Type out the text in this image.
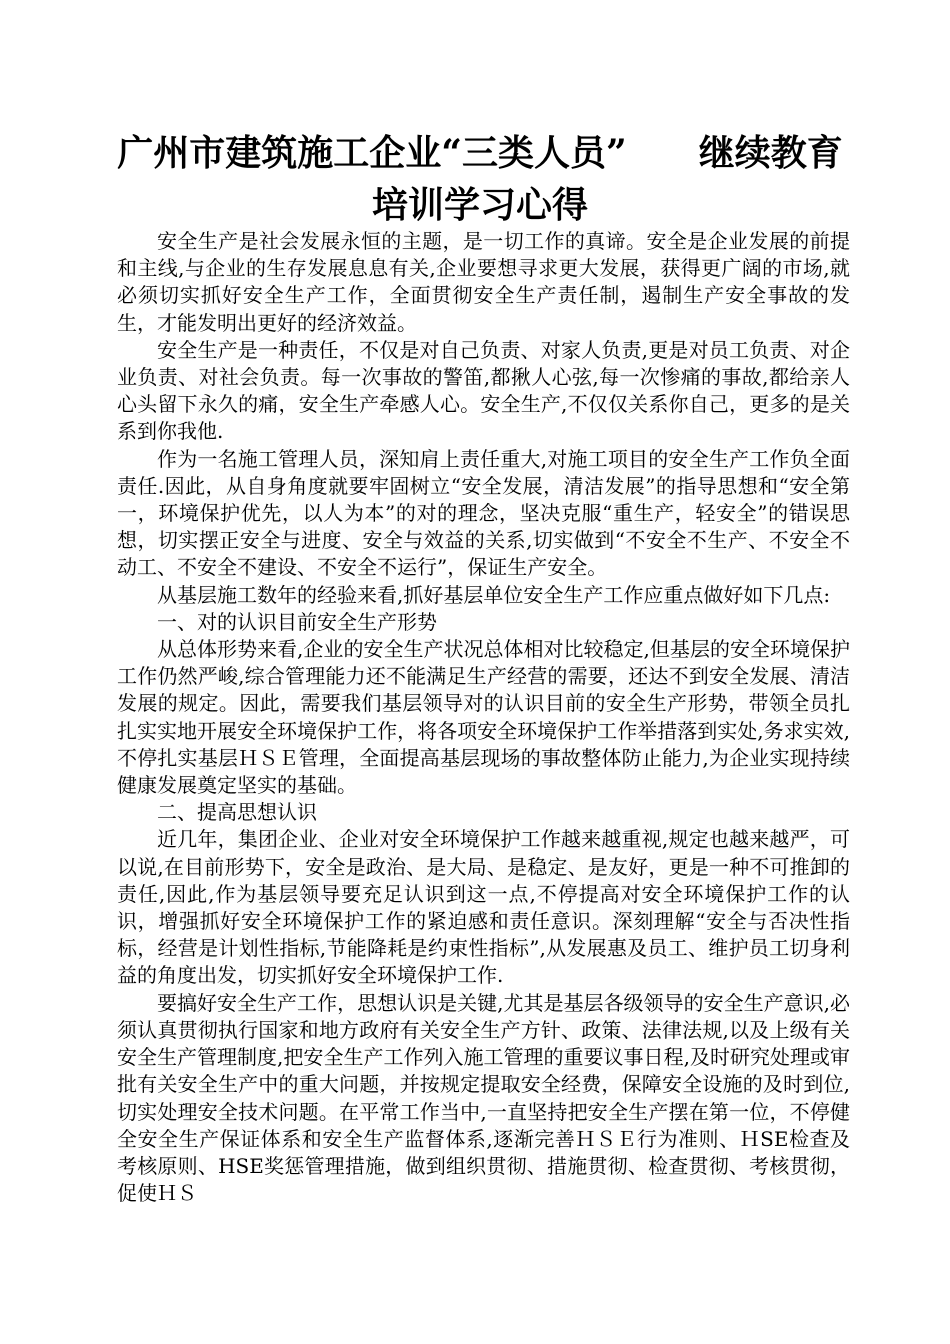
广州市建筑施工企业“三类人员”　　继续教育
培训学习心得

安全生产是社会发展永恒的主题，是一切工作的真谛。安全是企业发展的前提和主线,与企业的生存发展息息有关,企业要想寻求更大发展，获得更广阔的市场,就必须切实抓好安全生产工作，全面贯彻安全生产责任制，遏制生产安全事故的发生，才能发明出更好的经济效益。

安全生产是一种责任，不仅是对自己负责、对家人负责,更是对员工负责、对企业负责、对社会负责。每一次事故的警笛,都揪人心弦,每一次惨痛的事故,都给亲人心头留下永久的痛，安全生产牵感人心。安全生产,不仅仅关系你自己，更多的是关系到你我他.

作为一名施工管理人员，深知肩上责任重大,对施工项目的安全生产工作负全面责任.因此，从自身角度就要牢固树立“安全发展，清洁发展”的指导思想和“安全第一，环境保护优先，以人为本”的对的理念，坚决克服“重生产，轻安全”的错误思想，切实摆正安全与进度、安全与效益的关系,切实做到“不安全不生产、不安全不动工、不安全不建设、不安全不运行”，保证生产安全。

从基层施工数年的经验来看,抓好基层单位安全生产工作应重点做好如下几点:

一、对的认识目前安全生产形势

从总体形势来看,企业的安全生产状况总体相对比较稳定,但基层的安全环境保护工作仍然严峻,综合管理能力还不能满足生产经营的需要，还达不到安全发展、清洁发展的规定。因此，需要我们基层领导对的认识目前的安全生产形势，带领全员扎扎实实地开展安全环境保护工作，将各项安全环境保护工作举措落到实处,务求实效,不停扎实基层ＨＳＥ管理，全面提高基层现场的事故整体防止能力,为企业实现持续健康发展奠定坚实的基础。

二、提高思想认识

近几年，集团企业、企业对安全环境保护工作越来越重视,规定也越来越严，可以说,在目前形势下，安全是政治、是大局、是稳定、是友好，更是一种不可推卸的责任,因此,作为基层领导要充足认识到这一点,不停提高对安全环境保护工作的认识，增强抓好安全环境保护工作的紧迫感和责任意识。深刻理解“安全与否决性指标，经营是计划性指标,节能降耗是约束性指标”,从发展惠及员工、维护员工切身利益的角度出发，切实抓好安全环境保护工作.

要搞好安全生产工作，思想认识是关键,尤其是基层各级领导的安全生产意识,必须认真贯彻执行国家和地方政府有关安全生产方针、政策、法律法规,以及上级有关安全生产管理制度,把安全生产工作列入施工管理的重要议事日程,及时研究处理或审批有关安全生产中的重大问题，并按规定提取安全经费，保障安全设施的及时到位,切实处理安全技术问题。在平常工作当中,一直坚持把安全生产摆在第一位，不停健全安全生产保证体系和安全生产监督体系,逐渐完善ＨＳＥ行为准则、ＨSE检查及考核原则、HSE奖惩管理措施，做到组织贯彻、措施贯彻、检查贯彻、考核贯彻，促使ＨＳ
